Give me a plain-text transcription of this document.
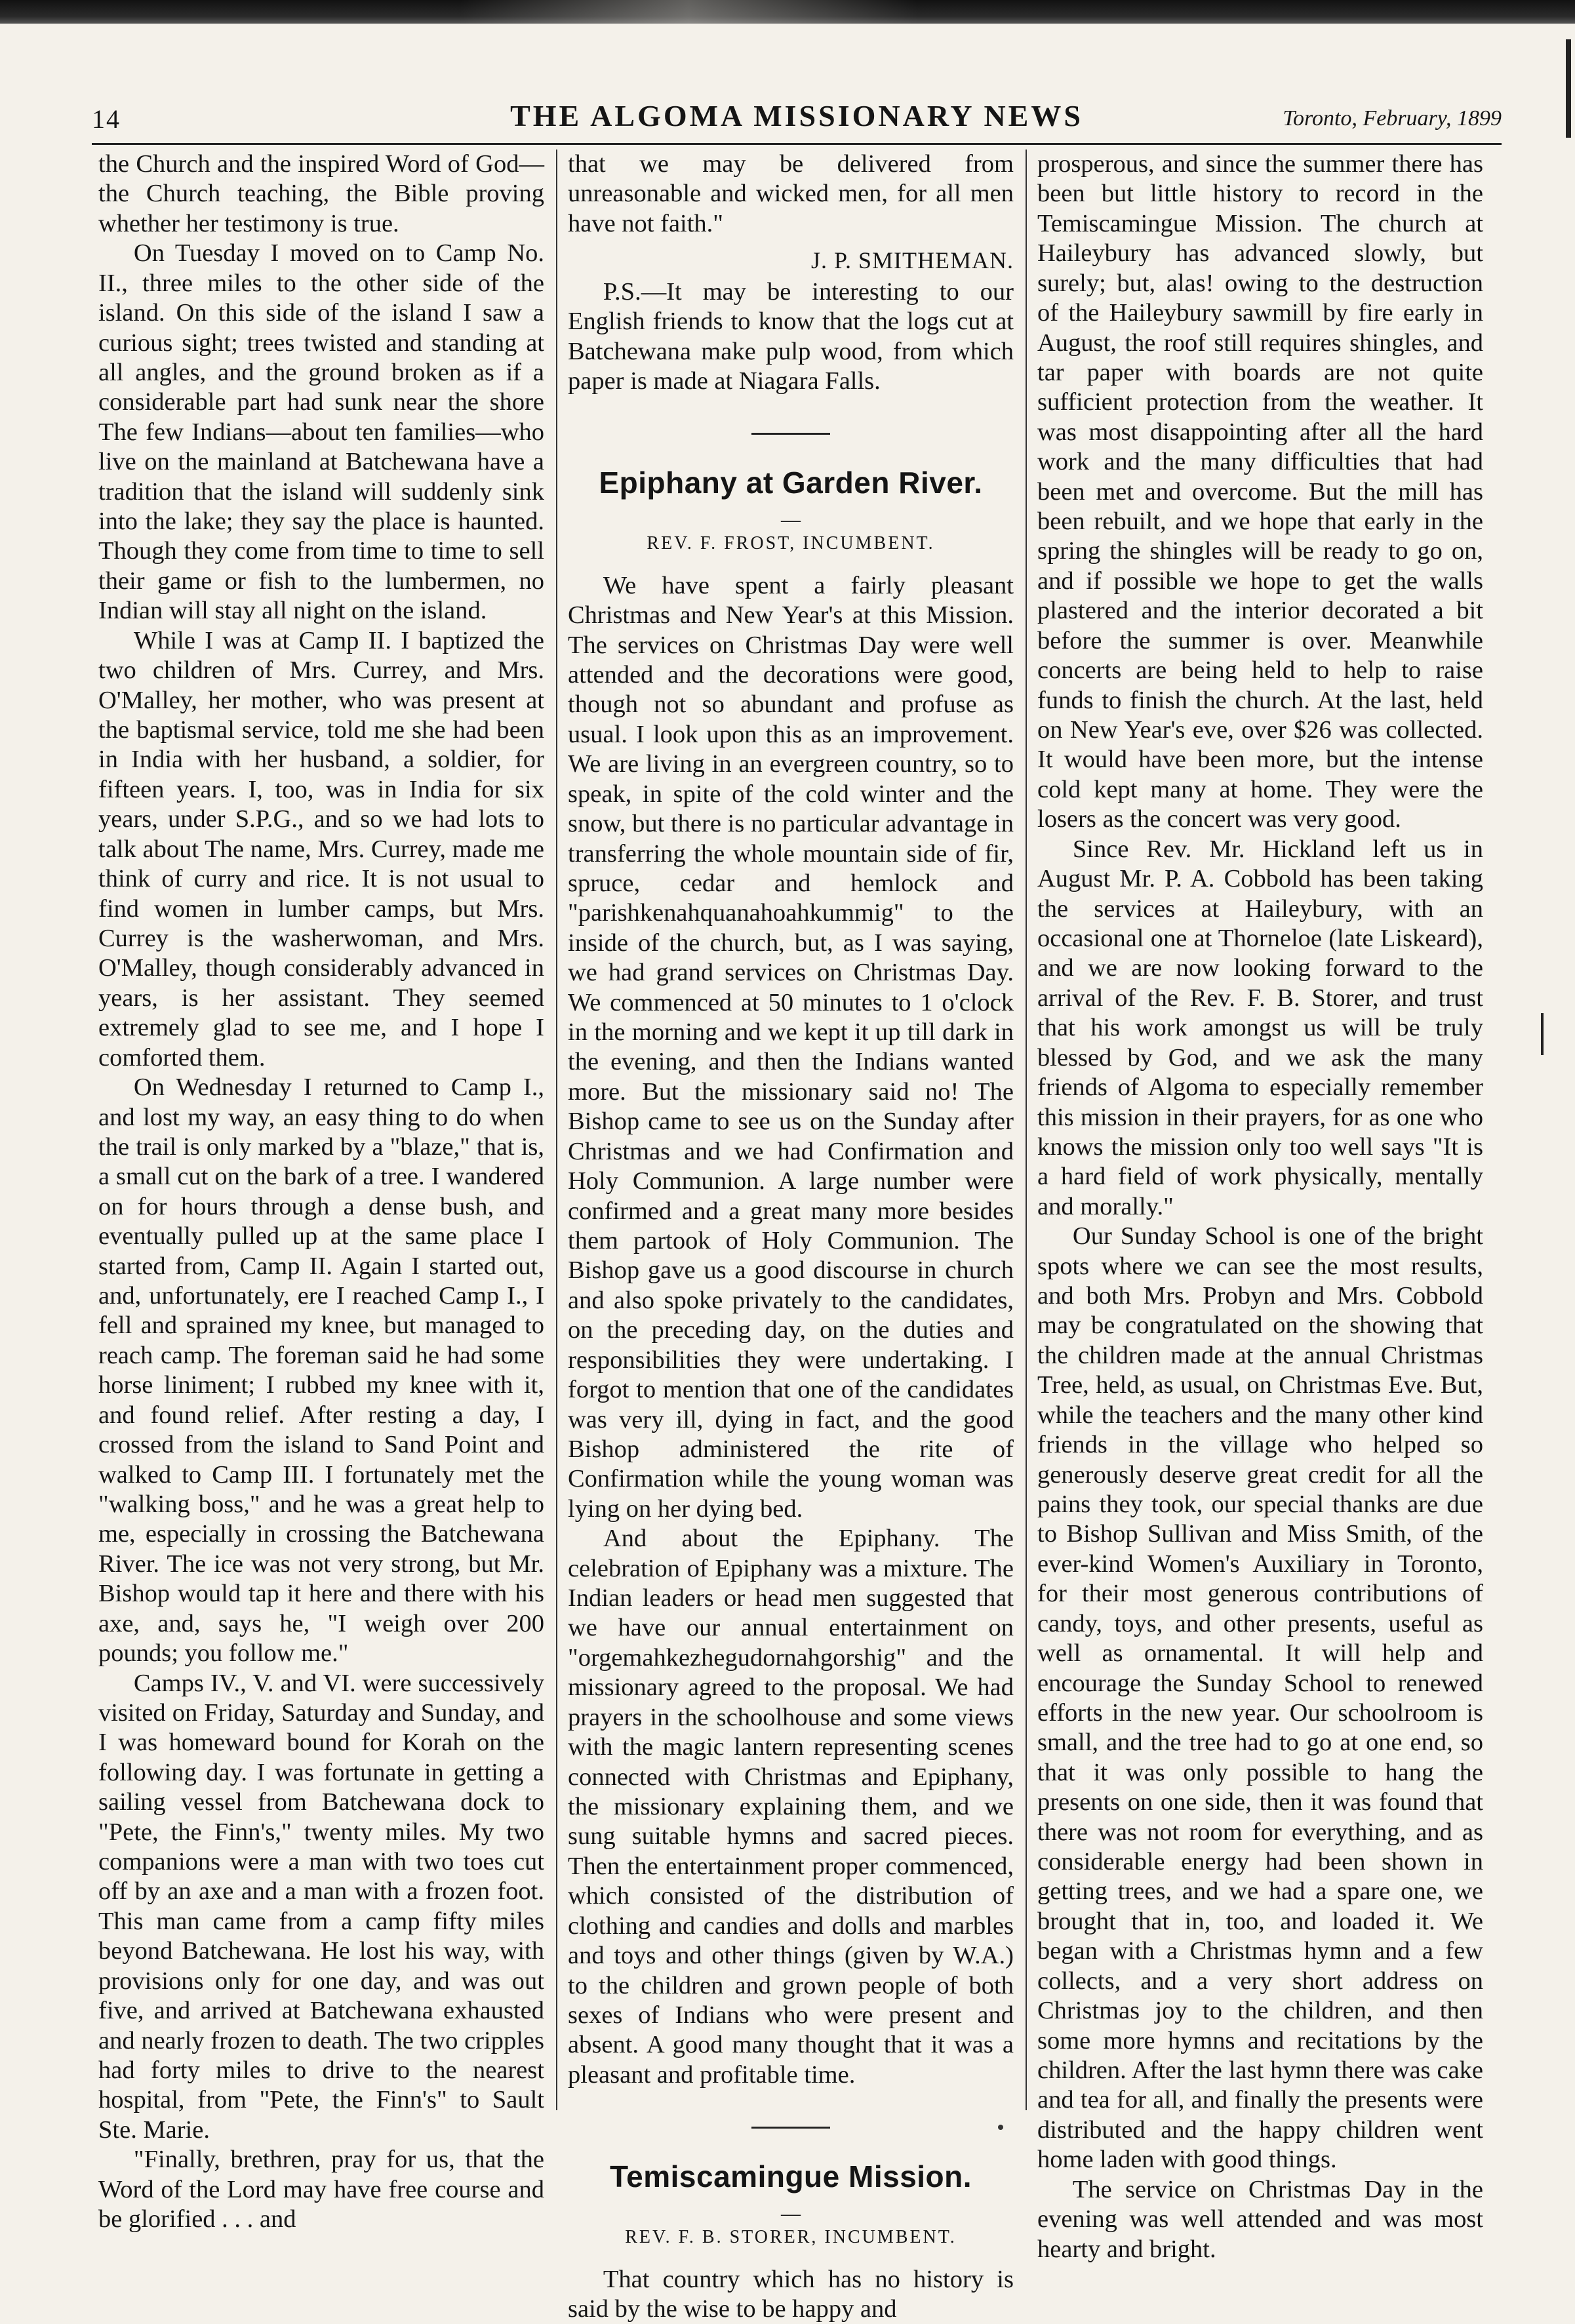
14	THE ALGOMA MISSIONARY NEWS	Toronto, February, 1899

the Church and the inspired Word of God—the Church teaching, the Bible proving whether her testimony is true.

On Tuesday I moved on to Camp No. II., three miles to the other side of the island. On this side of the island I saw a curious sight; trees twisted and standing at all angles, and the ground broken as if a considerable part had sunk near the shore The few Indians—about ten families—who live on the mainland at Batchewana have a tradition that the island will suddenly sink into the lake; they say the place is haunted. Though they come from time to time to sell their game or fish to the lumbermen, no Indian will stay all night on the island.

While I was at Camp II. I baptized the two children of Mrs. Currey, and Mrs. O'Malley, her mother, who was present at the baptismal service, told me she had been in India with her husband, a soldier, for fifteen years. I, too, was in India for six years, under S.P.G., and so we had lots to talk about The name, Mrs. Currey, made me think of curry and rice. It is not usual to find women in lumber camps, but Mrs. Currey is the washerwoman, and Mrs. O'Malley, though considerably advanced in years, is her assistant. They seemed extremely glad to see me, and I hope I comforted them.

On Wednesday I returned to Camp I., and lost my way, an easy thing to do when the trail is only marked by a "blaze," that is, a small cut on the bark of a tree. I wandered on for hours through a dense bush, and eventually pulled up at the same place I started from, Camp II. Again I started out, and, unfortunately, ere I reached Camp I., I fell and sprained my knee, but managed to reach camp. The foreman said he had some horse liniment; I rubbed my knee with it, and found relief. After resting a day, I crossed from the island to Sand Point and walked to Camp III. I fortunately met the "walking boss," and he was a great help to me, especially in crossing the Batchewana River. The ice was not very strong, but Mr. Bishop would tap it here and there with his axe, and, says he, "I weigh over 200 pounds; you follow me."

Camps IV., V. and VI. were successively visited on Friday, Saturday and Sunday, and I was homeward bound for Korah on the following day. I was fortunate in getting a sailing vessel from Batchewana dock to "Pete, the Finn's," twenty miles. My two companions were a man with two toes cut off by an axe and a man with a frozen foot. This man came from a camp fifty miles beyond Batchewana. He lost his way, with provisions only for one day, and was out five, and arrived at Batchewana exhausted and nearly frozen to death. The two cripples had forty miles to drive to the nearest hospital, from "Pete, the Finn's" to Sault Ste. Marie.

"Finally, brethren, pray for us, that the Word of the Lord may have free course and be glorified . . . and

that we may be delivered from unreasonable and wicked men, for all men have not faith."

J. P. SMITHEMAN.

P.S.—It may be interesting to our English friends to know that the logs cut at Batchewana make pulp wood, from which paper is made at Niagara Falls.

Epiphany at Garden River.
—
REV. F. FROST, INCUMBENT.

We have spent a fairly pleasant Christmas and New Year's at this Mission. The services on Christmas Day were well attended and the decorations were good, though not so abundant and profuse as usual. I look upon this as an improvement. We are living in an evergreen country, so to speak, in spite of the cold winter and the snow, but there is no particular advantage in transferring the whole mountain side of fir, spruce, cedar and hemlock and "parishkenahquanahoahkummig" to the inside of the church, but, as I was saying, we had grand services on Christmas Day. We commenced at 50 minutes to 1 o'clock in the morning and we kept it up till dark in the evening, and then the Indians wanted more. But the missionary said no! The Bishop came to see us on the Sunday after Christmas and we had Confirmation and Holy Communion. A large number were confirmed and a great many more besides them partook of Holy Communion. The Bishop gave us a good discourse in church and also spoke privately to the candidates, on the preceding day, on the duties and responsibilities they were undertaking. I forgot to mention that one of the candidates was very ill, dying in fact, and the good Bishop administered the rite of Confirmation while the young woman was lying on her dying bed.

And about the Epiphany. The celebration of Epiphany was a mixture. The Indian leaders or head men suggested that we have our annual entertainment on "orgemahkezhegudornahgorshig" and the missionary agreed to the proposal. We had prayers in the schoolhouse and some views with the magic lantern representing scenes connected with Christmas and Epiphany, the missionary explaining them, and we sung suitable hymns and sacred pieces. Then the entertainment proper commenced, which consisted of the distribution of clothing and candies and dolls and marbles and toys and other things (given by W.A.) to the children and grown people of both sexes of Indians who were present and absent. A good many thought that it was a pleasant and profitable time.

Temiscamingue Mission.
—
REV. F. B. STORER, INCUMBENT.

That country which has no history is said by the wise to be happy and

prosperous, and since the summer there has been but little history to record in the Temiscamingue Mission. The church at Haileybury has advanced slowly, but surely; but, alas! owing to the destruction of the Haileybury sawmill by fire early in August, the roof still requires shingles, and tar paper with boards are not quite sufficient protection from the weather. It was most disappointing after all the hard work and the many difficulties that had been met and overcome. But the mill has been rebuilt, and we hope that early in the spring the shingles will be ready to go on, and if possible we hope to get the walls plastered and the interior decorated a bit before the summer is over. Meanwhile concerts are being held to help to raise funds to finish the church. At the last, held on New Year's eve, over $26 was collected. It would have been more, but the intense cold kept many at home. They were the losers as the concert was very good.

Since Rev. Mr. Hickland left us in August Mr. P. A. Cobbold has been taking the services at Haileybury, with an occasional one at Thorneloe (late Liskeard), and we are now looking forward to the arrival of the Rev. F. B. Storer, and trust that his work amongst us will be truly blessed by God, and we ask the many friends of Algoma to especially remember this mission in their prayers, for as one who knows the mission only too well says "It is a hard field of work physically, mentally and morally."

Our Sunday School is one of the bright spots where we can see the most results, and both Mrs. Probyn and Mrs. Cobbold may be congratulated on the showing that the children made at the annual Christmas Tree, held, as usual, on Christmas Eve. But, while the teachers and the many other kind friends in the village who helped so generously deserve great credit for all the pains they took, our special thanks are due to Bishop Sullivan and Miss Smith, of the ever-kind Women's Auxiliary in Toronto, for their most generous contributions of candy, toys, and other presents, useful as well as ornamental. It will help and encourage the Sunday School to renewed efforts in the new year. Our schoolroom is small, and the tree had to go at one end, so that it was only possible to hang the presents on one side, then it was found that there was not room for everything, and as considerable energy had been shown in getting trees, and we had a spare one, we brought that in, too, and loaded it. We began with a Christmas hymn and a few collects, and a very short address on Christmas joy to the children, and then some more hymns and recitations by the children. After the last hymn there was cake and tea for all, and finally the presents were distributed and the happy children went home laden with good things.

The service on Christmas Day in the evening was well attended and was most hearty and bright.
